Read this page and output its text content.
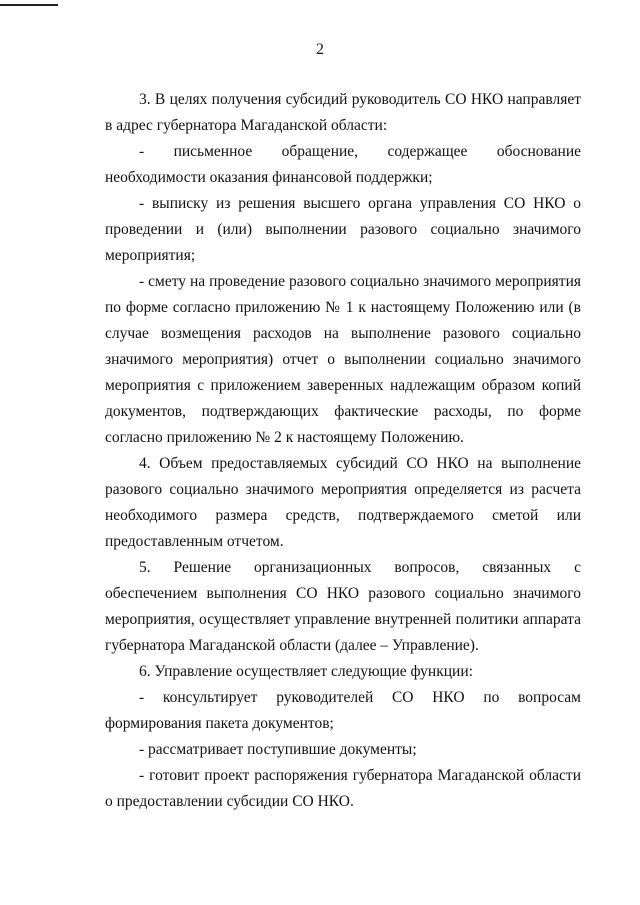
2

3. В целях получения субсидий руководитель СО НКО направляет в адрес губернатора Магаданской области:

- письменное обращение, содержащее обоснование необходимости оказания финансовой поддержки;

- выписку из решения высшего органа управления СО НКО о проведении и (или) выполнении разового социально значимого мероприятия;

- смету на проведение разового социально значимого мероприятия по форме согласно приложению № 1 к настоящему Положению или (в случае возмещения расходов на выполнение разового социально значимого мероприятия) отчет о выполнении социально значимого мероприятия с приложением заверенных надлежащим образом копий документов, подтверждающих фактические расходы, по форме согласно приложению № 2 к настоящему Положению.

4. Объем предоставляемых субсидий СО НКО на выполнение разового социально значимого мероприятия определяется из расчета необходимого размера средств, подтверждаемого сметой или предоставленным отчетом.

5. Решение организационных вопросов, связанных с обеспечением выполнения СО НКО разового социально значимого мероприятия, осуществляет управление внутренней политики аппарата губернатора Магаданской области (далее – Управление).

6. Управление осуществляет следующие функции:

- консультирует руководителей СО НКО по вопросам формирования пакета документов;

- рассматривает поступившие документы;

- готовит проект распоряжения губернатора Магаданской области о предоставлении субсидии СО НКО.
